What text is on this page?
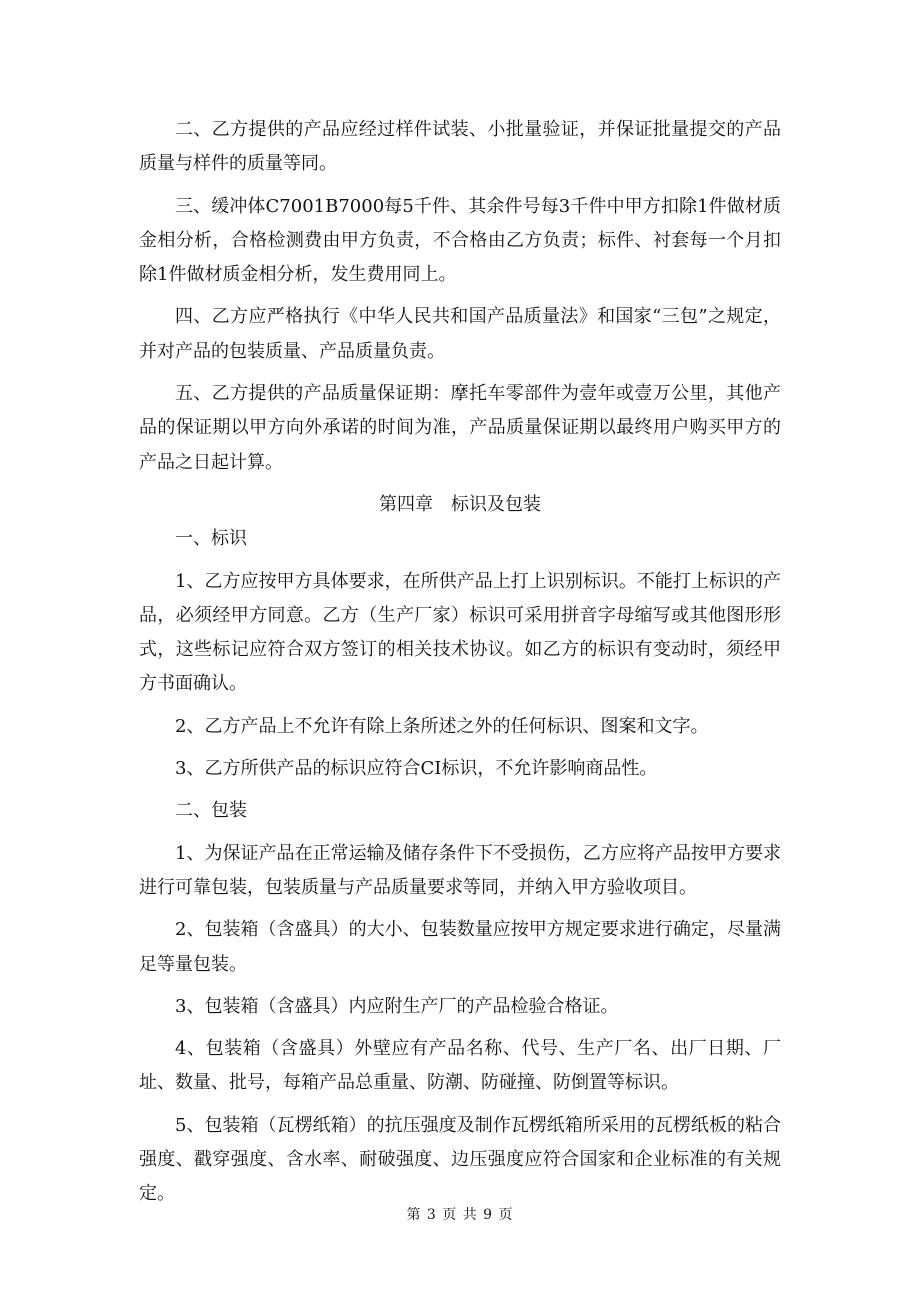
二、乙方提供的产品应经过样件试装、小批量验证，并保证批量提交的产品质量与样件的质量等同。

三、缓冲体C7001B7000每5千件、其余件号每3千件中甲方扣除1件做材质金相分析，合格检测费由甲方负责，不合格由乙方负责；标件、衬套每一个月扣除1件做材质金相分析，发生费用同上。

四、乙方应严格执行《中华人民共和国产品质量法》和国家“三包”之规定，并对产品的包装质量、产品质量负责。

五、乙方提供的产品质量保证期：摩托车零部件为壹年或壹万公里，其他产品的保证期以甲方向外承诺的时间为准，产品质量保证期以最终用户购买甲方的产品之日起计算。

第四章　标识及包装

一、标识

1、乙方应按甲方具体要求，在所供产品上打上识别标识。不能打上标识的产品，必须经甲方同意。乙方（生产厂家）标识可采用拼音字母缩写或其他图形形式，这些标记应符合双方签订的相关技术协议。如乙方的标识有变动时，须经甲方书面确认。

2、乙方产品上不允许有除上条所述之外的任何标识、图案和文字。

3、乙方所供产品的标识应符合CI标识，不允许影响商品性。

二、包装

1、为保证产品在正常运输及储存条件下不受损伤，乙方应将产品按甲方要求进行可靠包装，包装质量与产品质量要求等同，并纳入甲方验收项目。

2、包装箱（含盛具）的大小、包装数量应按甲方规定要求进行确定，尽量满足等量包装。

3、包装箱（含盛具）内应附生产厂的产品检验合格证。

4、包装箱（含盛具）外壁应有产品名称、代号、生产厂名、出厂日期、厂址、数量、批号，每箱产品总重量、防潮、防碰撞、防倒置等标识。

5、包装箱（瓦楞纸箱）的抗压强度及制作瓦楞纸箱所采用的瓦楞纸板的粘合强度、戳穿强度、含水率、耐破强度、边压强度应符合国家和企业标准的有关规定。

第 3 页 共 9 页
